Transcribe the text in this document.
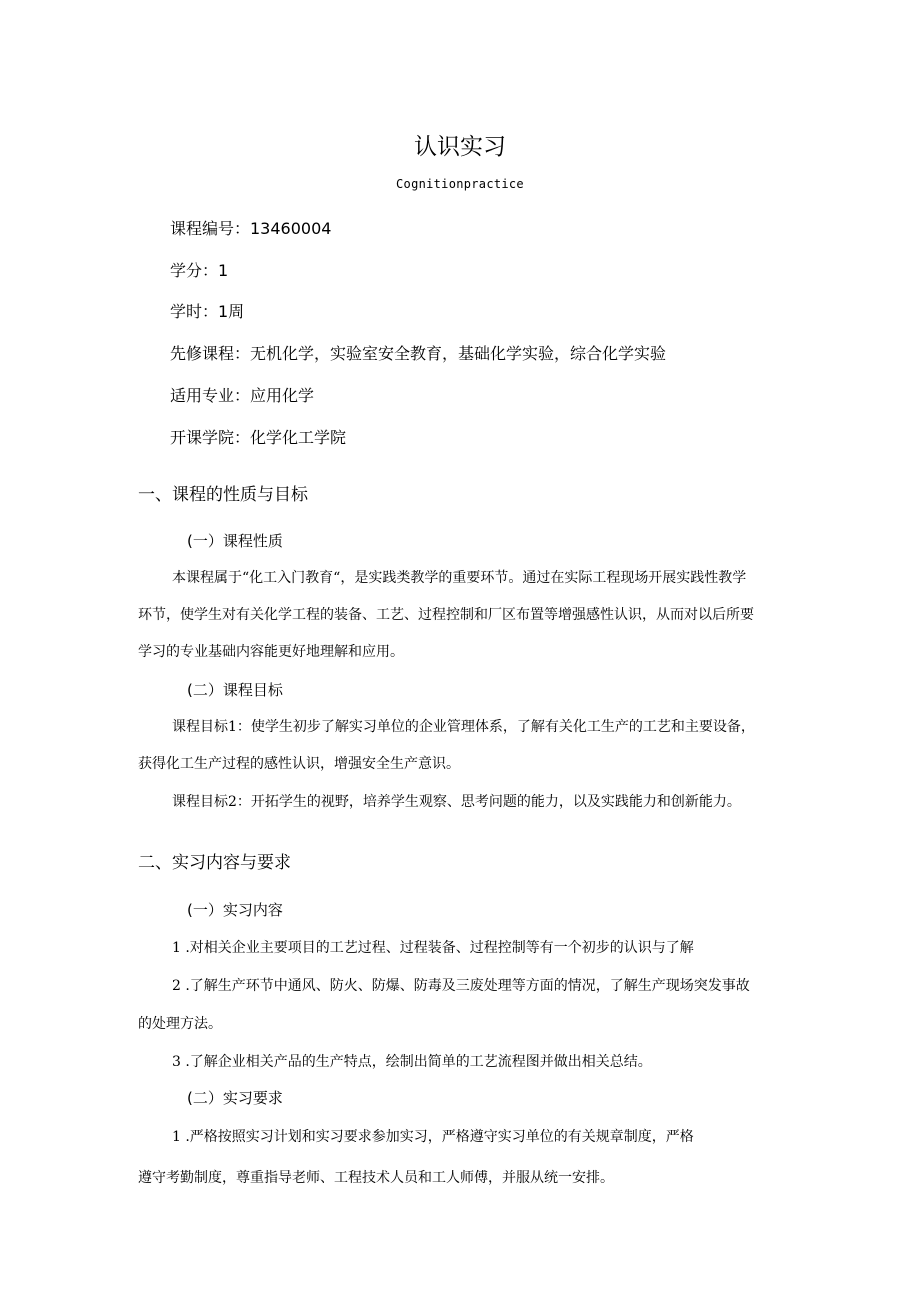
认识实习
Cognitionpractice
课程编号：13460004
学分：1
学时：1周
先修课程：无机化学，实验室安全教育，基础化学实验，综合化学实验
适用专业：应用化学
开课学院：化学化工学院
一、课程的性质与目标
(一）课程性质
本课程属于“化工入门教育“，是实践类教学的重要环节。通过在实际工程现场开展实践性教学
环节，使学生对有关化学工程的装备、工艺、过程控制和厂区布置等增强感性认识，从而对以后所要
学习的专业基础内容能更好地理解和应用。
(二）课程目标
课程目标1：使学生初步了解实习单位的企业管理体系，了解有关化工生产的工艺和主要设备，
获得化工生产过程的感性认识，增强安全生产意识。
课程目标2：开拓学生的视野，培养学生观察、思考问题的能力，以及实践能力和创新能力。
二、实习内容与要求
(一）实习内容
1 .对相关企业主要项目的工艺过程、过程装备、过程控制等有一个初步的认识与了解
2 .了解生产环节中通风、防火、防爆、防毒及三废处理等方面的情况，了解生产现场突发事故
的处理方法。
3 .了解企业相关产品的生产特点，绘制出简单的工艺流程图并做出相关总结。
(二）实习要求
1 .严格按照实习计划和实习要求参加实习，严格遵守实习单位的有关规章制度，严格
遵守考勤制度，尊重指导老师、工程技术人员和工人师傅，并服从统一安排。
